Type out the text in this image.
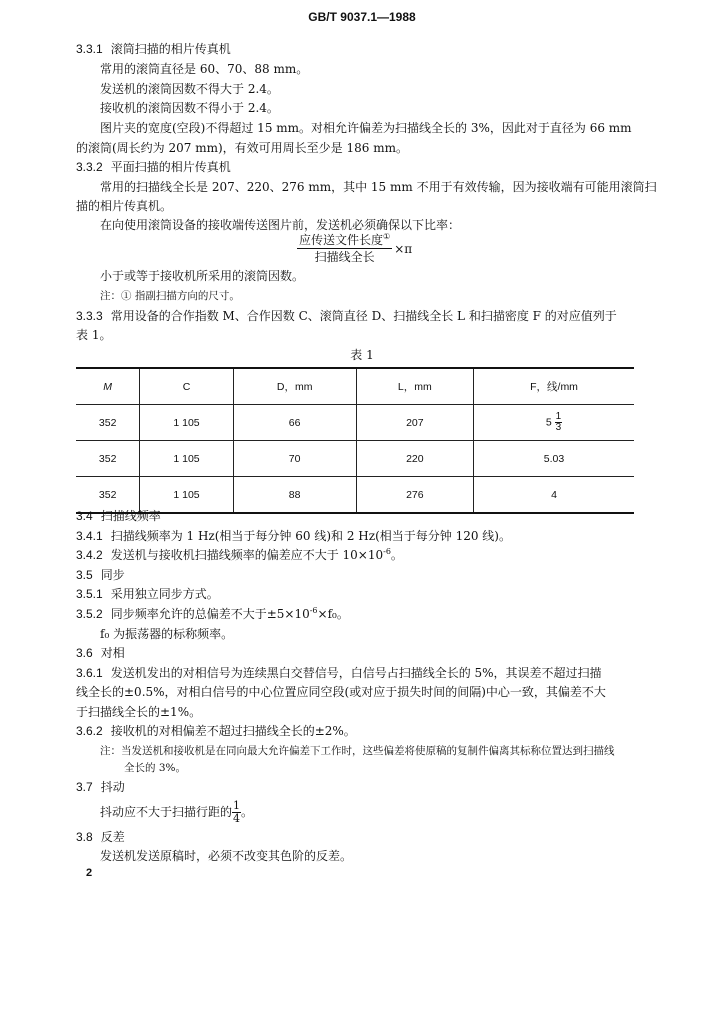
GB/T 9037.1—1988
3.3.1 滚筒扫描的相片传真机
常用的滚筒直径是 60、70、88 mm。
发送机的滚筒因数不得大于 2.4。
接收机的滚筒因数不得小于 2.4。
图片夹的宽度(空段)不得超过 15 mm。对相允许偏差为扫描线全长的 3%，因此对于直径为 66 mm
的滚筒(周长约为 207 mm)，有效可用周长至少是 186 mm。
3.3.2 平面扫描的相片传真机
常用的扫描线全长是 207、220、276 mm，其中 15 mm 不用于有效传输，因为接收端有可能用滚筒扫
描的相片传真机。
在向使用滚筒设备的接收端传送图片前，发送机必须确保以下比率：
$\frac{应传送文件长度^①}{\text{扫描线全长}} \times\pi$
小于或等于接收机所采用的滚筒因数。
注：① 指副扫描方向的尺寸。
3.3.3 常用设备的合作指数 M、合作因数 C、滚筒直径 D、扫描线全长 L 和扫描密度 F 的对应值列于
表 1。
表 1
M	C	D，mm	L，mm	F，线/mm
352	1 105	66	207	$5 \frac{1}{3}$

352	1 105	70	220	5.03
352	1 105	88	276	4
3.4 扫描线频率
3.4.1 扫描线频率为 1 Hz(相当于每分钟 60 线)和 2 Hz(相当于每分钟 120 线)。
3.4.2 发送机与接收机扫描线频率的偏差应不大于 $10\times 10^{-6}$。
3.5 同步
3.5.1 采用独立同步方式。
3.5.2 同步频率允许的总偏差不大于$\pm 5\times 10^{-6}\times f_0$。
f₀ 为振荡器的标称频率。
3.6 对相
3.6.1 发送机发出的对相信号为连续黑白交替信号，白信号占扫描线全长的 5%，其误差不超过扫描
线全长的±0.5%，对相白信号的中心位置应同空段(或对应于损失时间的间隔)中心一致，其偏差不大
于扫描线全长的±1%。
3.6.2 接收机的对相偏差不超过扫描线全长的±2%。
注：当发送机和接收机是在同向最大允许偏差下工作时，这些偏差将使原稿的复制件偏离其标称位置达到扫描线
全长的 3%。
3.7 抖动
抖动应不大于扫描行距的 $\frac{1}{4}$ 。
3.8 反差
发送机发送原稿时，必须不改变其色阶的反差。
2
